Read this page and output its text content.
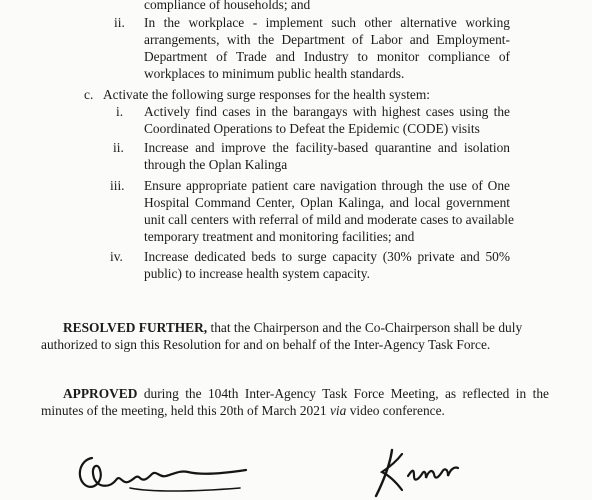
compliance of households; and
ii. In the workplace - implement such other alternative working
arrangements, with the Department of Labor and Employment-
Department of Trade and Industry to monitor compliance of
workplaces to minimum public health standards.
c. Activate the following surge responses for the health system:
i. Actively find cases in the barangays with highest cases using the
Coordinated Operations to Defeat the Epidemic (CODE) visits
ii. Increase and improve the facility-based quarantine and isolation
through the Oplan Kalinga
iii. Ensure appropriate patient care navigation through the use of One
Hospital Command Center, Oplan Kalinga, and local government
unit call centers with referral of mild and moderate cases to available
temporary treatment and monitoring facilities; and
iv. Increase dedicated beds to surge capacity (30% private and 50%
public) to increase health system capacity.
RESOLVED FURTHER, that the Chairperson and the Co-Chairperson shall be duly
authorized to sign this Resolution for and on behalf of the Inter-Agency Task Force.
APPROVED during the 104th Inter-Agency Task Force Meeting, as reflected in the
minutes of the meeting, held this 20th of March 2021 via video conference.
